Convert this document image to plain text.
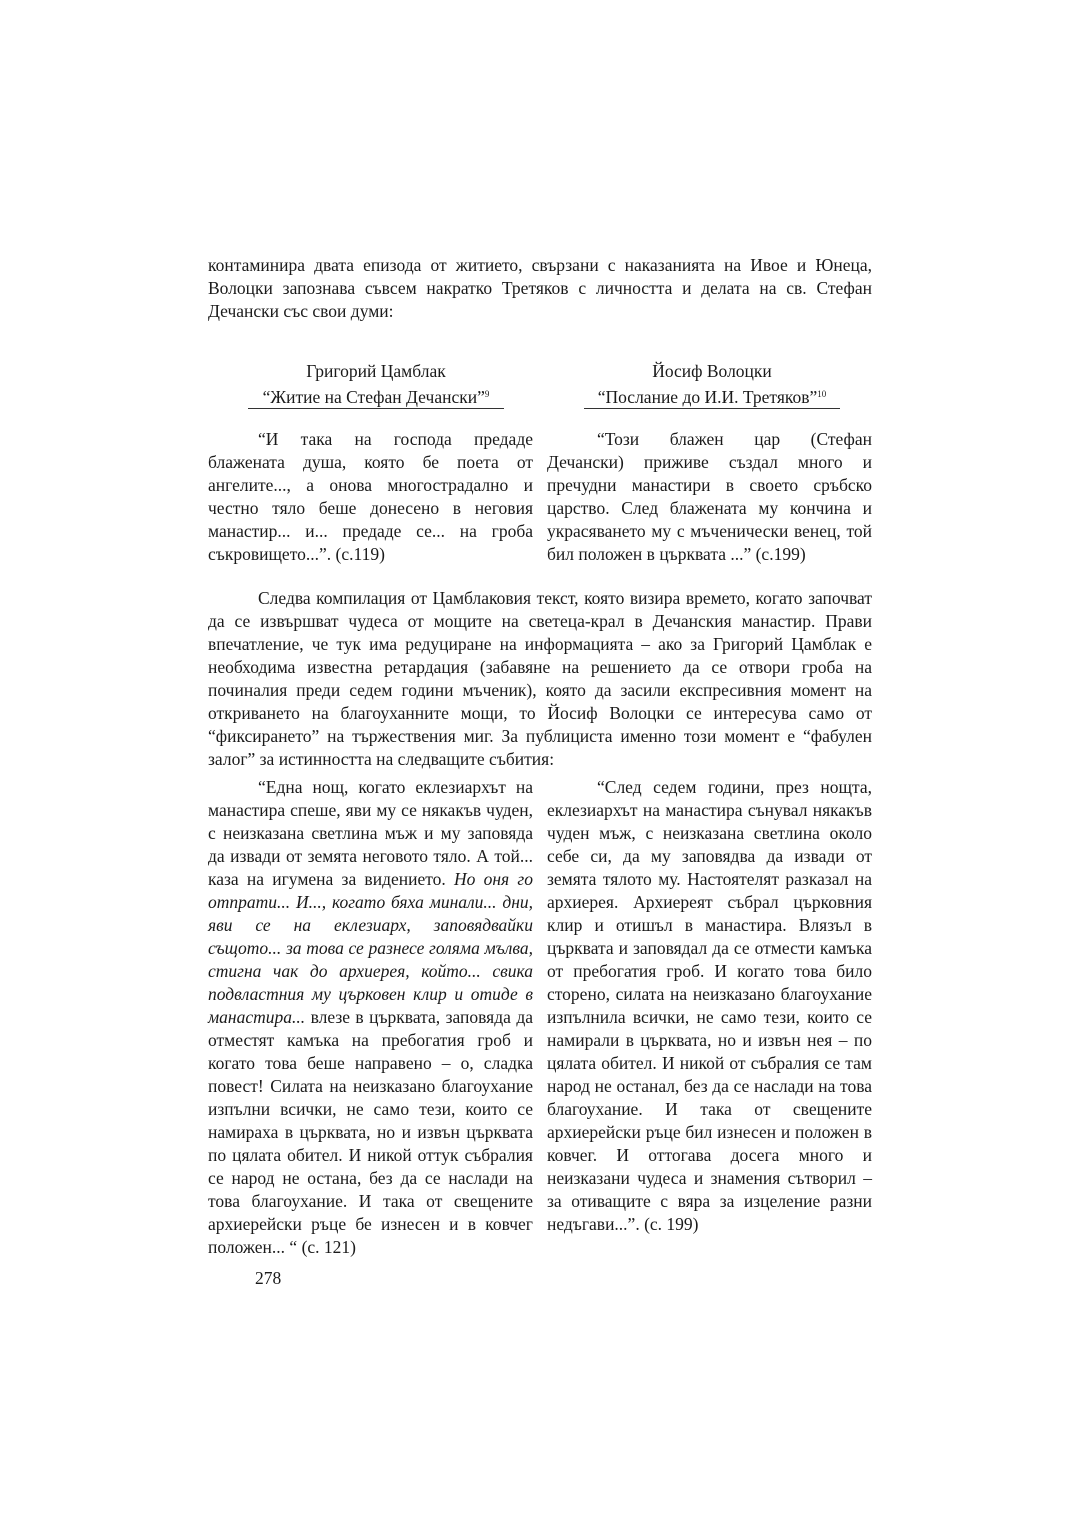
контаминира двата епизода от житието, свързани с наказанията на Ивое и Юнеца, Волоцки запознава съвсем накратко Третяков с личността и делата на св. Стефан Дечански със свои думи:

Григорий Цамблак
“Житие на Стефан Дечански”$^9$
Йосиф Волоцки
“Послание до И.И. Третяков”$^{10}$

“И така на господа предаде блажената душа, която бе поета от ангелите..., а онова многострадално и честно тяло беше донесено в неговия манастир... и... предаде се... на гроба съкровището...”. (с.119)

“Този блажен цар (Стефан Дечански) приживе създал много и пречудни манастири в своето сръбско царство. След блажената му кончина и украсяването му с мъченически венец, той бил положен в църквата ...” (с.199)

Следва компилация от Цамблаковия текст, която визира времето, когато започват да се извършват чудеса от мощите на светеца-крал в Дечанския манастир. Прави впечатление, че тук има редуциране на информацията – ако за Григорий Цамблак е необходима известна ретардация (забавяне на решението да се отвори гроба на починалия преди седем години мъченик), която да засили експресивния момент на откриването на благоуханните мощи, то Йосиф Волоцки се интересува само от “фиксирането” на тържествения миг. За публициста именно този момент е “фабулен залог” за истинността на следващите събития:

“Една нощ, когато еклезиархът на манастира спеше, яви му се някакъв чуден, с неизказана светлина мъж и му заповяда да извади от земята неговото тяло. А той... каза на игумена за видението. Но оня го отпрати... И..., когато бяха минали... дни, яви се на еклезиарх, заповядвайки същото... за това се разнесе голяма мълва, стигна чак до архиерея, който... свика подвластния му църковен клир и отиде в манастира... влезе в църквата, заповядa да отместят камъка на пребогатия гроб и когато това беше направено – о, сладка повест! Силата на неизказано благоухание изпълни всички, не само тези, които се намираха в църквата, но и извън църквата по цялата обител. И никой оттук събралия се народ не остана, без да се наслади на това благоухание. И така от свещените архиерейски ръце бе изнесен и в ковчег положен... “ (с. 121)

“След седем години, през нощта, еклезиархът на манастира сънувал някакъв чуден мъж, с неизказана светлина около себе си, да му заповядва да извади от земята тялото му. Настоятелят разказал на архиерея. Архиереят събрал църковния клир и отишъл в манастира. Влязъл в църквата и заповядал да се отмести камъка от пребогатия гроб. И когато това било сторено, силата на неизказано благоухание изпълнила всички, не само тези, които се намирали в църквата, но и извън нея – по цялата обител. И никой от събралия се там народ не останал, без да се наслади на това благоухание. И така от свещените архиерейски ръце бил изнесен и положен в ковчег. И оттогава досега много и неизказани чудеса и знамения сътворил – за отиващите с вяра за изцеление разни недъгави...”. (с. 199)

278
